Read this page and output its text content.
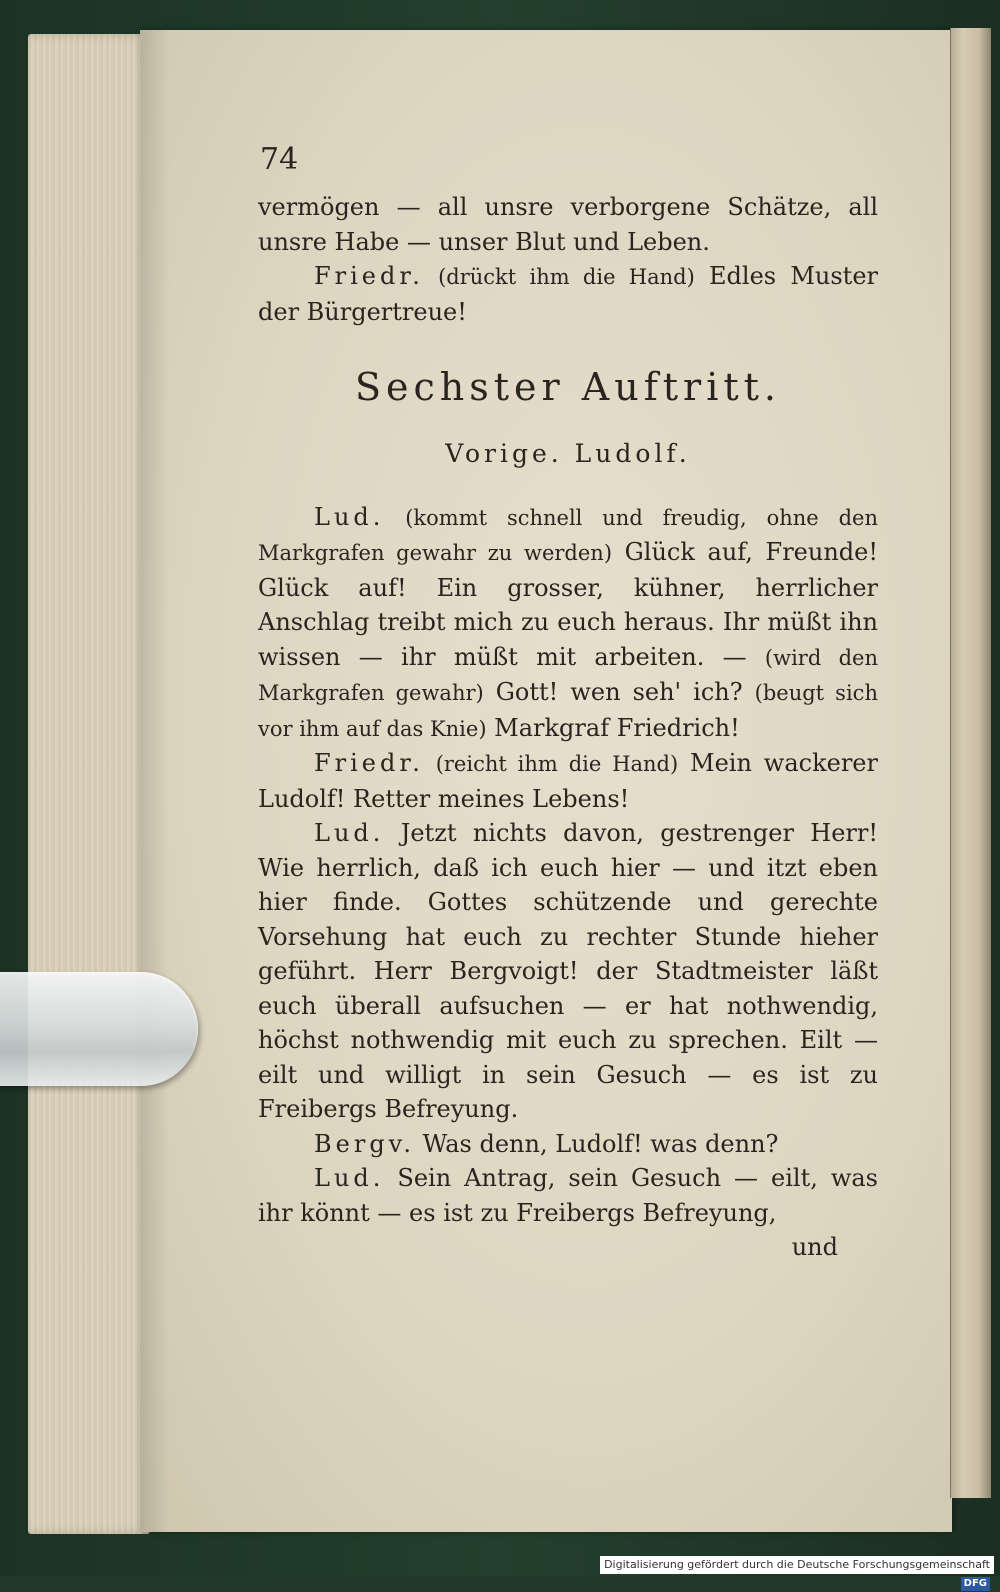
74

vermögen — all unsre verborgene Schätze, all unsre Habe — unser Blut und Leben.

Friedr. (drückt ihm die Hand) Edles Muster der Bürgertreue!

Sechster Auftritt.
Vorige. Ludolf.

Lud. (kommt schnell und freudig, ohne den Markgrafen gewahr zu werden) Glück auf, Freunde! Glück auf! Ein grosser, kühner, herrlicher Anschlag treibt mich zu euch heraus. Ihr müßt ihn wissen — ihr müßt mit arbeiten. — (wird den Markgrafen gewahr) Gott! wen seh' ich? (beugt sich vor ihm auf das Knie) Markgraf Friedrich!

Friedr. (reicht ihm die Hand) Mein wackerer Ludolf! Retter meines Lebens!

Lud. Jetzt nichts davon, gestrenger Herr! Wie herrlich, daß ich euch hier — und itzt eben hier finde. Gottes schützende und gerechte Vorsehung hat euch zu rechter Stunde hieher geführt. Herr Bergvoigt! der Stadtmeister läßt euch überall aufsuchen — er hat nothwendig, höchst nothwendig mit euch zu sprechen. Eilt — eilt und willigt in sein Gesuch — es ist zu Freibergs Befreyung.

Bergv. Was denn, Ludolf! was denn?

Lud. Sein Antrag, sein Gesuch — eilt, was ihr könnt — es ist zu Freibergs Befreyung,

und

Digitalisierung gefördert durch die Deutsche Forschungsgemeinschaft · DFG
